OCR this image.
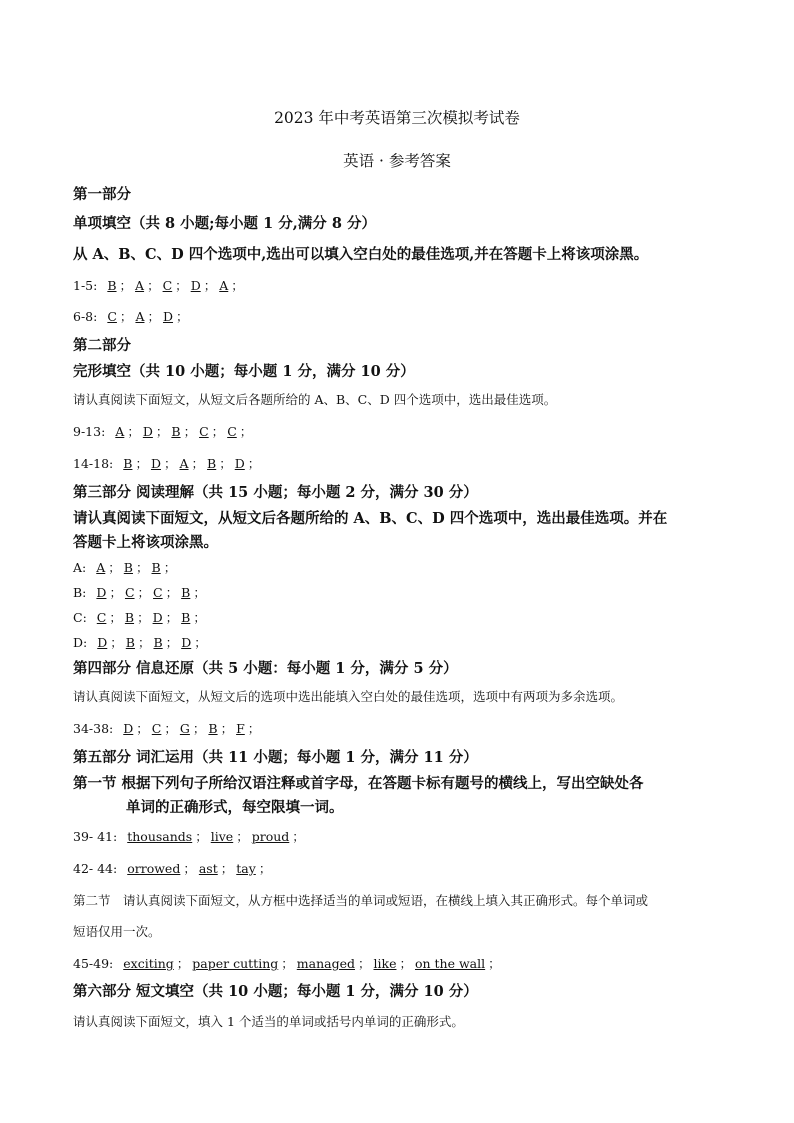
2023 年中考英语第三次模拟考试卷
英语 · 参考答案
第一部分
单项填空（共 8 小题;每小题 1 分,满分 8 分）
从 A、B、C、D 四个选项中,选出可以填入空白处的最佳选项,并在答题卡上将该项涂黑。
1-5: B ； A ； C ； D ； A ；
6-8: C ； A ； D ；
第二部分
完形填空（共 10 小题；每小题 1 分，满分 10 分）
请认真阅读下面短文，从短文后各题所给的 A、B、C、D 四个选项中，选出最佳选项。
9-13: A ； D ； B ； C ； C ；
14-18: B ； D ； A ； B ； D ；
第三部分 阅读理解（共 15 小题；每小题 2 分，满分 30 分）
请认真阅读下面短文，从短文后各题所给的 A、B、C、D 四个选项中，选出最佳选项。并在
答题卡上将该项涂黑。
A: A ； B ； B ；
B: D ； C ； C ； B ；
C: C ； B ； D ； B ；
D: D ； B ； B ； D ；
第四部分 信息还原（共 5 小题：每小题 1 分，满分 5 分）
请认真阅读下面短文，从短文后的选项中选出能填入空白处的最佳选项，选项中有两项为多余选项。
34-38: D ； C ； G ； B ； F ；
第五部分 词汇运用（共 11 小题；每小题 1 分，满分 11 分）
第一节 根据下列句子所给汉语注释或首字母，在答题卡标有题号的横线上，写出空缺处各
单词的正确形式，每空限填一词。
39- 41: thousands ； live ； proud ；
42- 44: orrowed ； ast ； tay ；
第二节　请认真阅读下面短文，从方框中选择适当的单词或短语，在横线上填入其正确形式。每个单词或
短语仅用一次。
45-49: exciting ； paper cutting ； managed ； like ； on the wall ；
第六部分 短文填空（共 10 小题；每小题 1 分，满分 10 分）
请认真阅读下面短文，填入 1 个适当的单词或括号内单词的正确形式。
